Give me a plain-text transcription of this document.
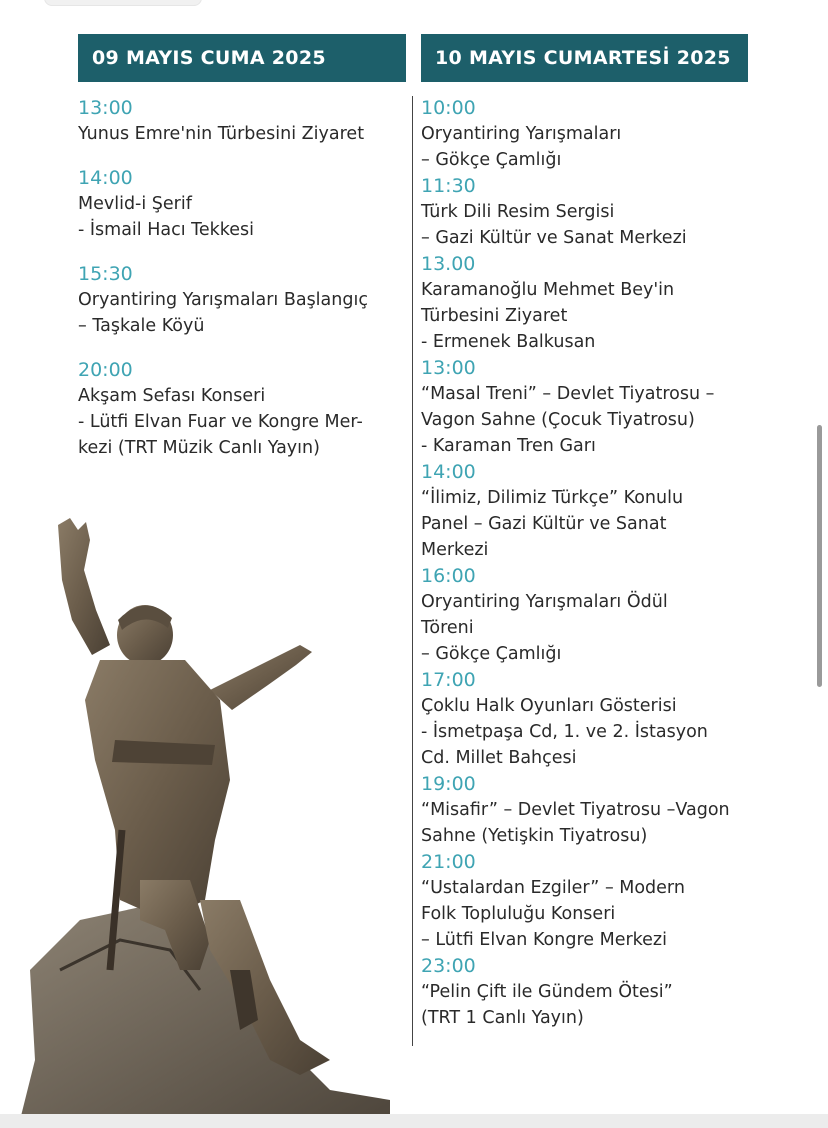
09 MAYIS CUMA 2025	10 MAYIS CUMARTESİ 2025
13:00
Yunus Emre'nin Türbesini Ziyaret
14:00
Mevlid-i Şerif
- İsmail Hacı Tekkesi
15:30
Oryantiring Yarışmaları Başlangıç
– Taşkale Köyü
20:00
Akşam Sefası Konseri
- Lütfi Elvan Fuar ve Kongre Mer-
kezi (TRT Müzik Canlı Yayın)
10:00
Oryantiring Yarışmaları
– Gökçe Çamlığı
11:30
Türk Dili Resim Sergisi
– Gazi Kültür ve Sanat Merkezi
13.00
Karamanoğlu Mehmet Bey'in
Türbesini Ziyaret
- Ermenek Balkusan
13:00
“Masal Treni” – Devlet Tiyatrosu –
Vagon Sahne (Çocuk Tiyatrosu)
- Karaman Tren Garı
14:00
“İlimiz, Dilimiz Türkçe” Konulu
Panel – Gazi Kültür ve Sanat
Merkezi
16:00
Oryantiring Yarışmaları Ödül
Töreni
– Gökçe Çamlığı
17:00
Çoklu Halk Oyunları Gösterisi
- İsmetpaşa Cd, 1. ve 2. İstasyon
Cd. Millet Bahçesi
19:00
“Misafir” – Devlet Tiyatrosu –Vagon
Sahne (Yetişkin Tiyatrosu)
21:00
“Ustalardan Ezgiler” – Modern
Folk Topluluğu Konseri
– Lütfi Elvan Kongre Merkezi
23:00
“Pelin Çift ile Gündem Ötesi”
(TRT 1 Canlı Yayın)
